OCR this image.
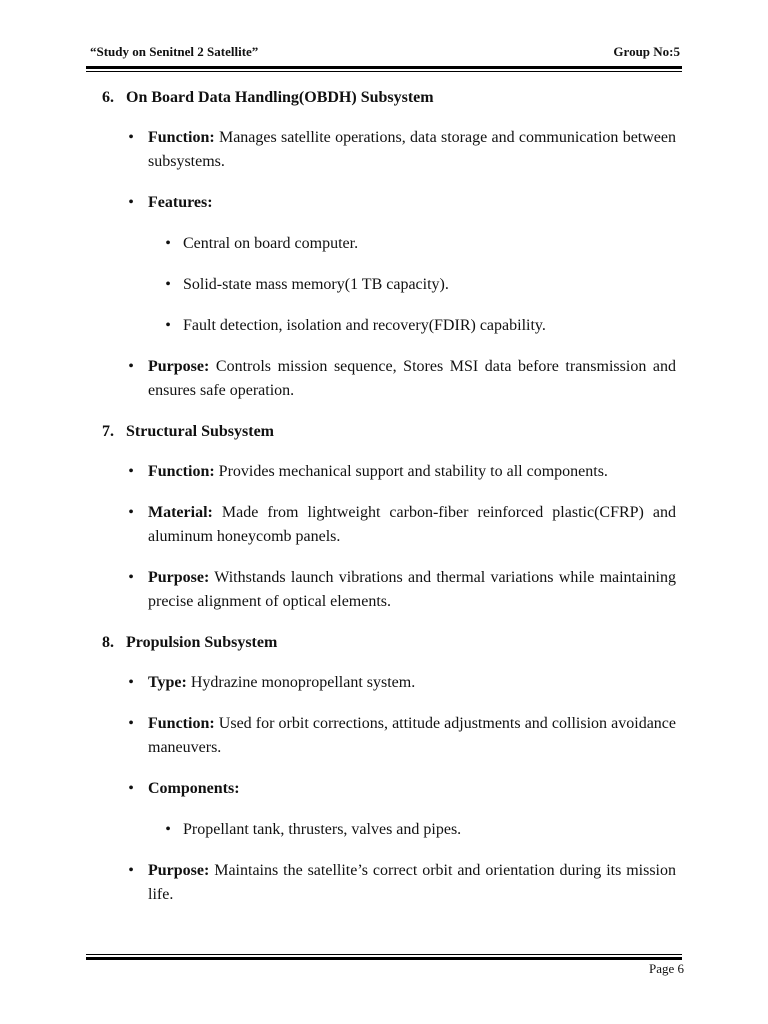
“Study on Senitnel 2 Satellite”	Group No:5
6. On Board Data Handling(OBDH) Subsystem
• Function: Manages satellite operations, data storage and communication between subsystems.
• Features:
• Central on board computer.
• Solid-state mass memory(1 TB capacity).
• Fault detection, isolation and recovery(FDIR) capability.
• Purpose: Controls mission sequence, Stores MSI data before transmission and ensures safe operation.
7. Structural Subsystem
• Function: Provides mechanical support and stability to all components.
• Material: Made from lightweight carbon-fiber reinforced plastic(CFRP) and aluminum honeycomb panels.
• Purpose: Withstands launch vibrations and thermal variations while maintaining precise alignment of optical elements.
8. Propulsion Subsystem
• Type: Hydrazine monopropellant system.
• Function: Used for orbit corrections, attitude adjustments and collision avoidance maneuvers.
• Components:
• Propellant tank, thrusters, valves and pipes.
• Purpose: Maintains the satellite’s correct orbit and orientation during its mission life.
Page 6
